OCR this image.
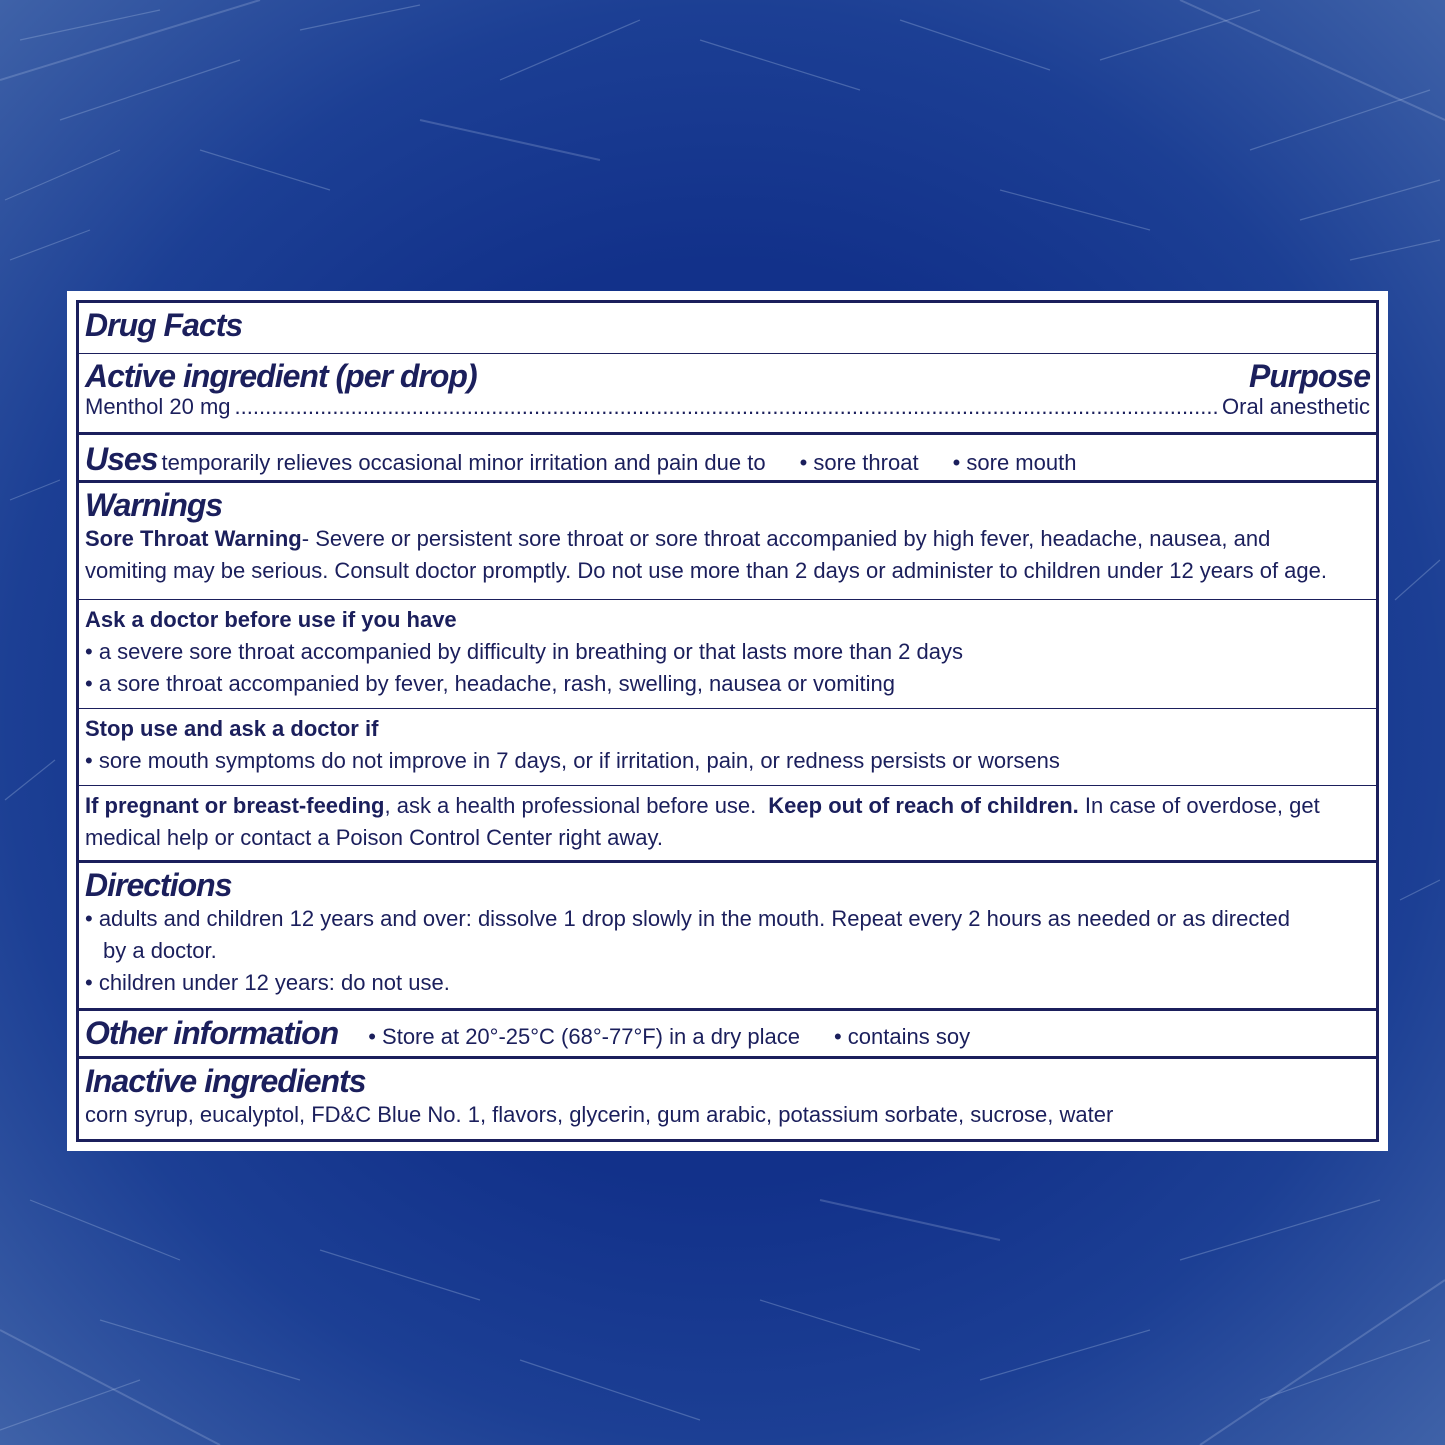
Drug Facts
Active ingredient (per drop)	Purpose
Menthol 20 mg
.....	Oral anesthetic
Uses temporarily relieves occasional minor irritation and pain due to • sore throat • sore mouth
Warnings
Sore Throat Warning- Severe or persistent sore throat or sore throat accompanied by high fever, headache, nausea, and
vomiting may be serious. Consult doctor promptly. Do not use more than 2 days or administer to children under 12 years of age.
Ask a doctor before use if you have
• a severe sore throat accompanied by difficulty in breathing or that lasts more than 2 days
• a sore throat accompanied by fever, headache, rash, swelling, nausea or vomiting
Stop use and ask a doctor if
• sore mouth symptoms do not improve in 7 days, or if irritation, pain, or redness persists or worsens
If pregnant or breast-feeding, ask a health professional before use. Keep out of reach of children. In case of overdose, get
medical help or contact a Poison Control Center right away.
Directions
• adults and children 12 years and over: dissolve 1 drop slowly in the mouth. Repeat every 2 hours as needed or as directed
by a doctor.
• children under 12 years: do not use.
Other information • Store at 20°-25°C (68°-77°F) in a dry place • contains soy
Inactive ingredients
corn syrup, eucalyptol, FD&C Blue No. 1, flavors, glycerin, gum arabic, potassium sorbate, sucrose, water
